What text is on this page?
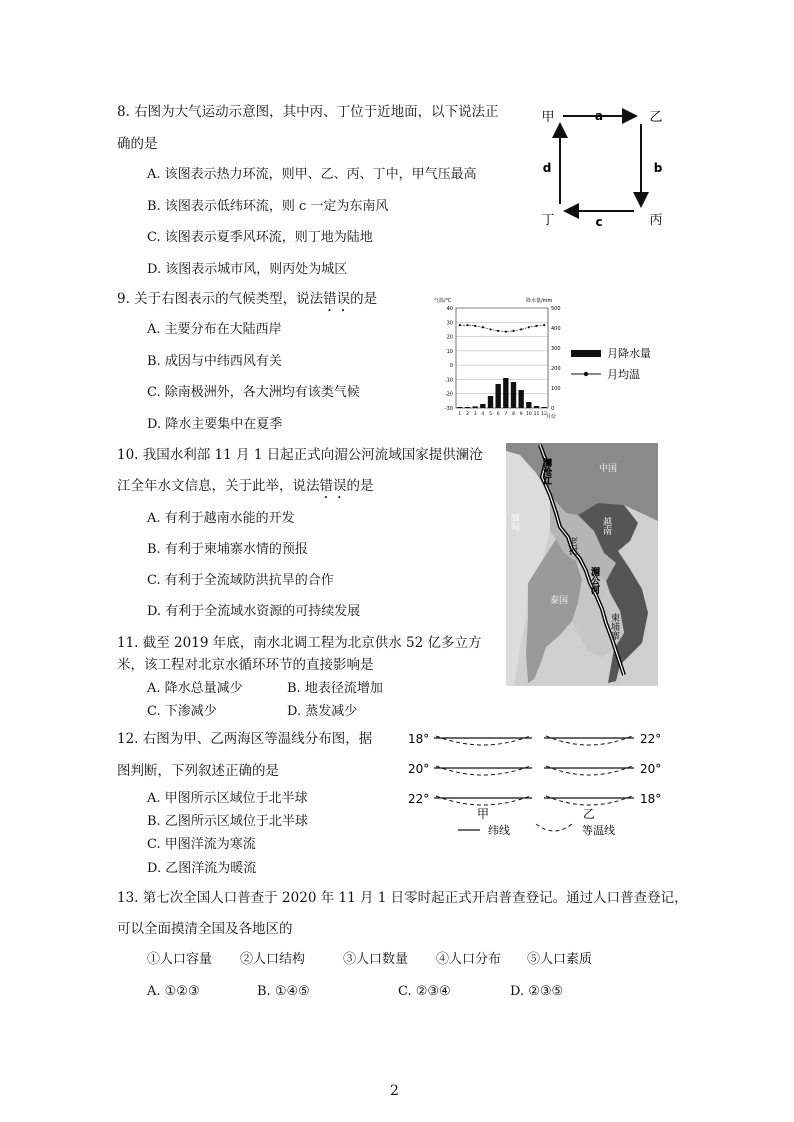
8. 右图为大气运动示意图，其中丙、丁位于近地面，以下说法正
确的是
A. 该图表示热力环流，则甲、乙、丙、丁中，甲气压最高
B. 该图表示低纬环流，则 c 一定为东南风
C. 该图表示夏季风环流，则丁地为陆地
D. 该图表示城市风，则丙处为城区
甲	乙
丙
丁
a
b
c
d
9. 关于右图表示的气候类型，说法错误的是
A. 主要分布在大陆西岸
B. 成因与中纬西风有关
C. 除南极洲外，各大洲均有该类气候
D. 降水主要集中在夏季
气温/℃	降水量/mm
40
30
20
10
0
-10
-20
-30
500
400
300
200
100
0
1 2 3 4 5 6 7 8 9 10 11 12
月份
月降水量
月均温
10. 我国水利部 11 月 1 日起正式向湄公河流域国家提供澜沧
江全年水文信息，关于此举，说法错误的是
A. 有利于越南水能的开发
B. 有利于柬埔寨水情的预报
C. 有利于全流域防洪抗旱的合作
D. 有利于全流域水资源的可持续发展
中国
澜沧江
缅甸
老挝
越南
湄公河
泰国
柬埔寨
11. 截至 2019 年底，南水北调工程为北京供水 52 亿多立方
米，该工程对北京水循环环节的直接影响是
A. 降水总量减少	B. 地表径流增加
C. 下渗减少	D. 蒸发减少
12. 右图为甲、乙两海区等温线分布图，据
图判断，下列叙述正确的是
A. 甲图所示区域位于北半球
B. 乙图所示区域位于北半球
C. 甲图洋流为寒流
D. 乙图洋流为暖流
18°
20°
22°
22°
20°
18°
甲	乙
纬线	等温线
13. 第七次全国人口普查于 2020 年 11 月 1 日零时起正式开启普查登记。通过人口普查登记，
可以全面摸清全国及各地区的
①人口容量 ②人口结构	③人口数量 ④人口分布 ⑤人口素质
A. ①②③	B. ①④⑤	C. ②③④	D. ②③⑤
2
